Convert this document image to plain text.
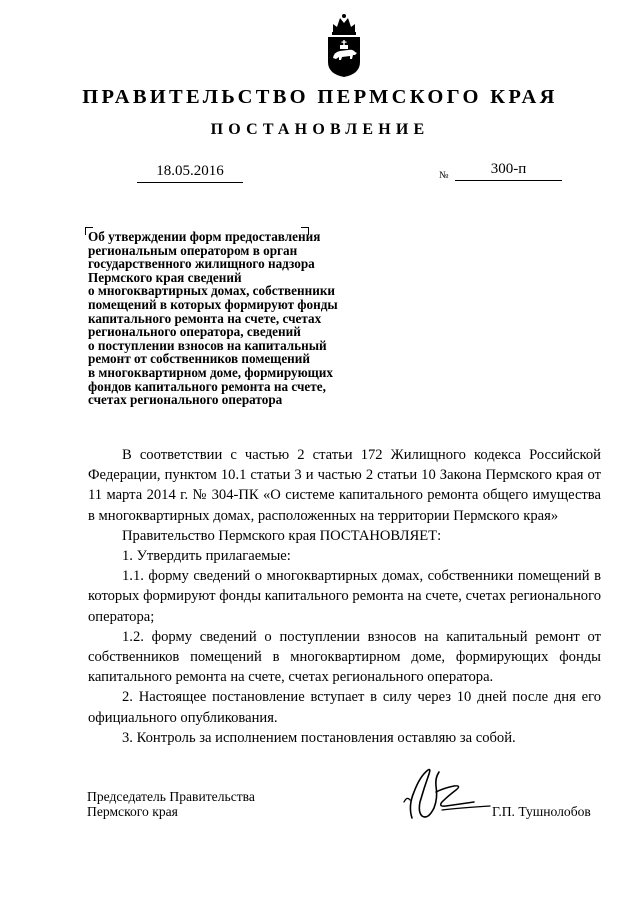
ПРАВИТЕЛЬСТВО ПЕРМСКОГО КРАЯ
ПОСТАНОВЛЕНИЕ
18.05.2016	№	300-п
Об утверждении форм предоставления
региональным оператором в орган
государственного жилищного надзора
Пермского края сведений
о многоквартирных домах, собственники
помещений в которых формируют фонды
капитального ремонта на счете, счетах
регионального оператора, сведений
о поступлении взносов на капитальный
ремонт от собственников помещений
в многоквартирном доме, формирующих
фондов капитального ремонта на счете,
счетах регионального оператора

В соответствии с частью 2 статьи 172 Жилищного кодекса Российской Федерации, пунктом 10.1 статьи 3 и частью 2 статьи 10 Закона Пермского края от 11 марта 2014 г. № 304-ПК «О системе капитального ремонта общего имущества в многоквартирных домах, расположенных на территории Пермского края»

Правительство Пермского края ПОСТАНОВЛЯЕТ:

1. Утвердить прилагаемые:

1.1. форму сведений о многоквартирных домах, собственники помещений в которых формируют фонды капитального ремонта на счете, счетах регионального оператора;

1.2. форму сведений о поступлении взносов на капитальный ремонт от собственников помещений в многоквартирном доме, формирующих фонды капитального ремонта на счете, счетах регионального оператора.

2. Настоящее постановление вступает в силу через 10 дней после дня его официального опубликования.

3. Контроль за исполнением постановления оставляю за собой.

Председатель Правительства
Пермского края	Г.П. Тушнолобов
